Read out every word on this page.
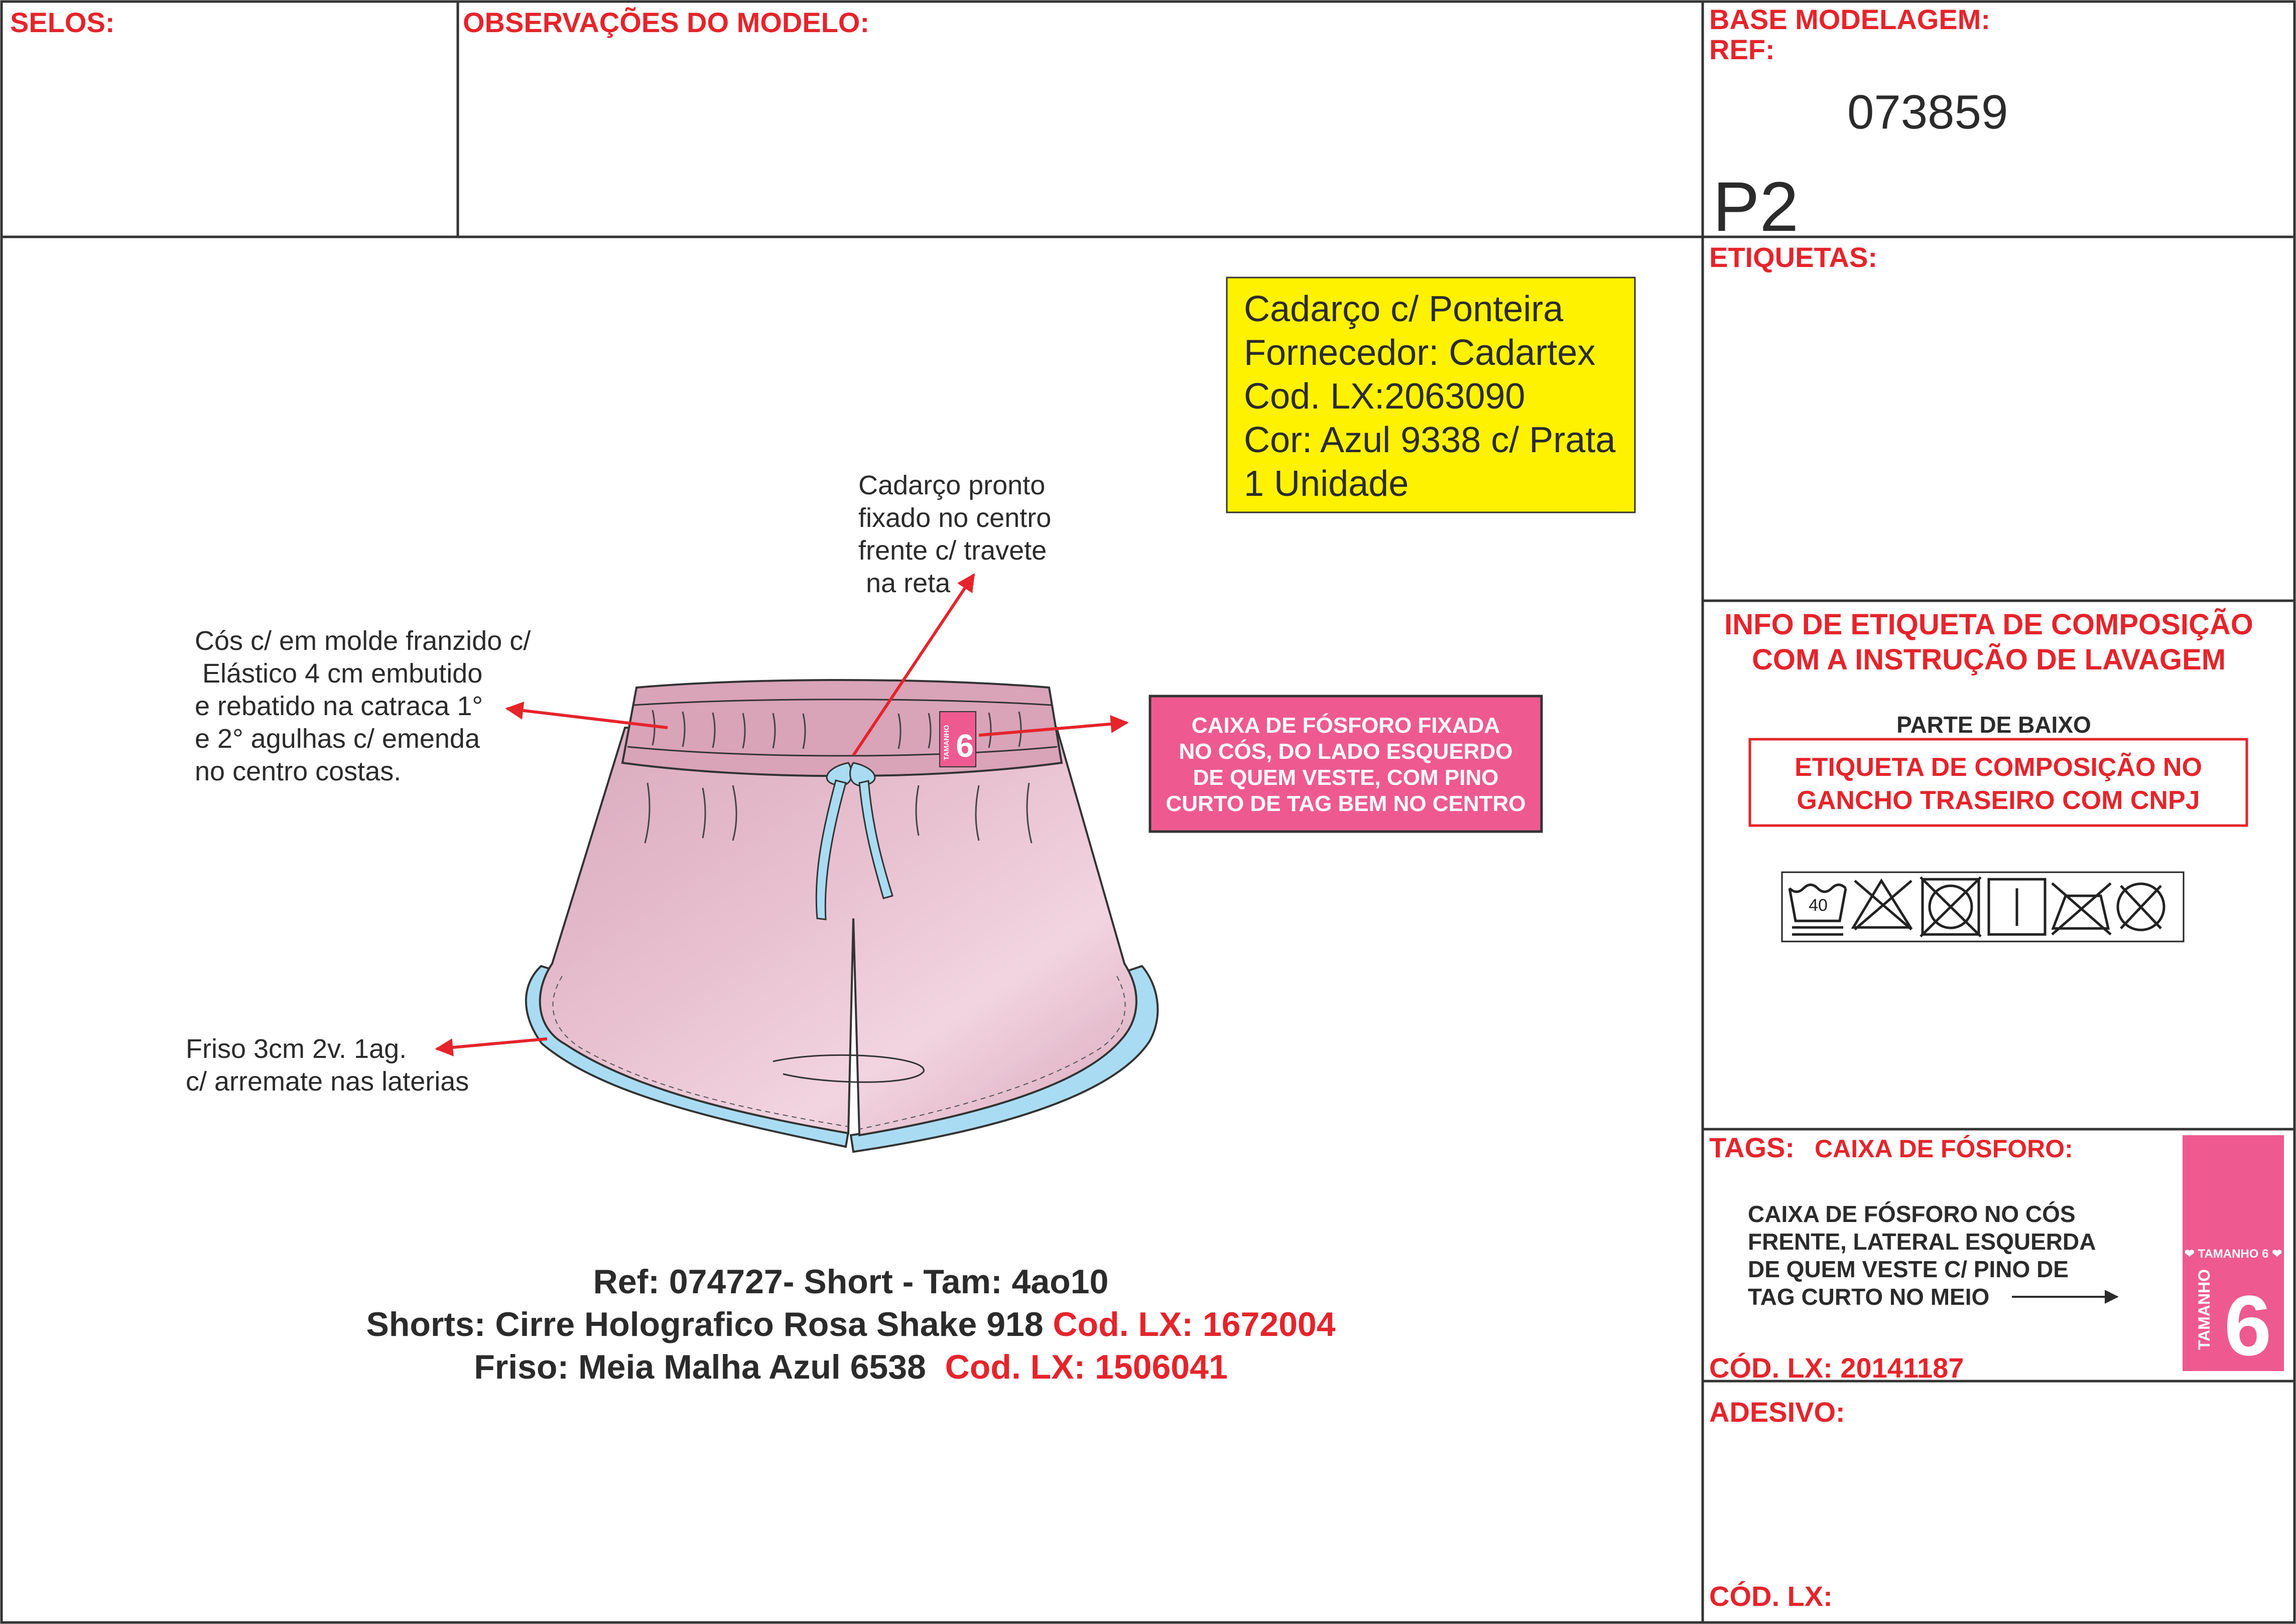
SELOS:	OBSERVAÇÕES DO MODELO:	BASE MODELAGEM:
REF:
073859
P2
ETIQUETAS:
INFO DE ETIQUETA DE COMPOSIÇÃO
COM A INSTRUÇÃO DE LAVAGEM
PARTE DE BAIXO
ETIQUETA DE COMPOSIÇÃO NO
GANCHO TRASEIRO COM CNPJ
40
TAGS: CAIXA DE FÓSFORO:
CAIXA DE FÓSFORO NO CÓS
FRENTE, LATERAL ESQUERDA
DE QUEM VESTE C/ PINO DE
TAG CURTO NO MEIO
CÓD. LX: 20141187
❤ TAMANHO 6 ❤
TAMANHO 6
ADESIVO:
CÓD. LX:
Cadarço c/ Ponteira
Fornecedor: Cadartex
Cod. LX:2063090
Cor: Azul 9338 c/ Prata
1 Unidade
Cadarço pronto
fixado no centro
frente c/ travete
na reta
Cós c/ em molde franzido c/
Elástico 4 cm embutido
e rebatido na catraca 1°
e 2° agulhas c/ emenda
no centro costas.
Friso 3cm 2v. 1ag.
c/ arremate nas laterias
CAIXA DE FÓSFORO FIXADA
NO CÓS, DO LADO ESQUERDO
DE QUEM VESTE, COM PINO
CURTO DE TAG BEM NO CENTRO
TAMANHO 6
Ref: 074727- Short - Tam: 4ao10
Shorts: Cirre Holografico Rosa Shake 918 Cod. LX: 1672004
Friso: Meia Malha Azul 6538  Cod. LX: 1506041
